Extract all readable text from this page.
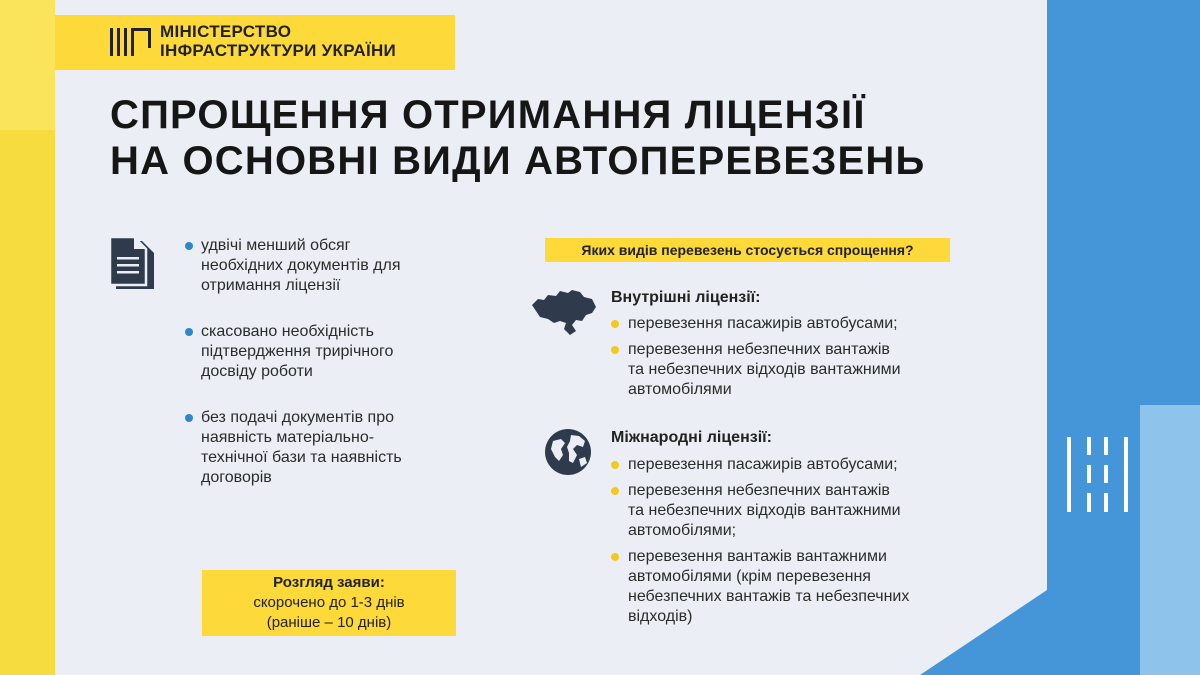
МІНІСТЕРСТВО
ІНФРАСТРУКТУРИ УКРАЇНИ
СПРОЩЕННЯ ОТРИМАННЯ ЛІЦЕНЗІЇ
НА ОСНОВНІ ВИДИ АВТОПЕРЕВЕЗЕНЬ
удвічі менший обсяг
необхідних документів для
отримання ліцензії
скасовано необхідність
підтвердження трирічного
досвіду роботи
без подачі документів про
наявність матеріально-
технічної бази та наявність
договорів
Розгляд заяви:
скорочено до 1-3 днів
(раніше – 10 днів)
Яких видів перевезень стосується спрощення?
Внутрішні ліцензії:
перевезення пасажирів автобусами;
перевезення небезпечних вантажів
та небезпечних відходів вантажними
автомобілями
Міжнародні ліцензії:
перевезення пасажирів автобусами;
перевезення небезпечних вантажів
та небезпечних відходів вантажними
автомобілями;
перевезення вантажів вантажними
автомобілями (крім перевезення
небезпечних вантажів та небезпечних
відходів)
